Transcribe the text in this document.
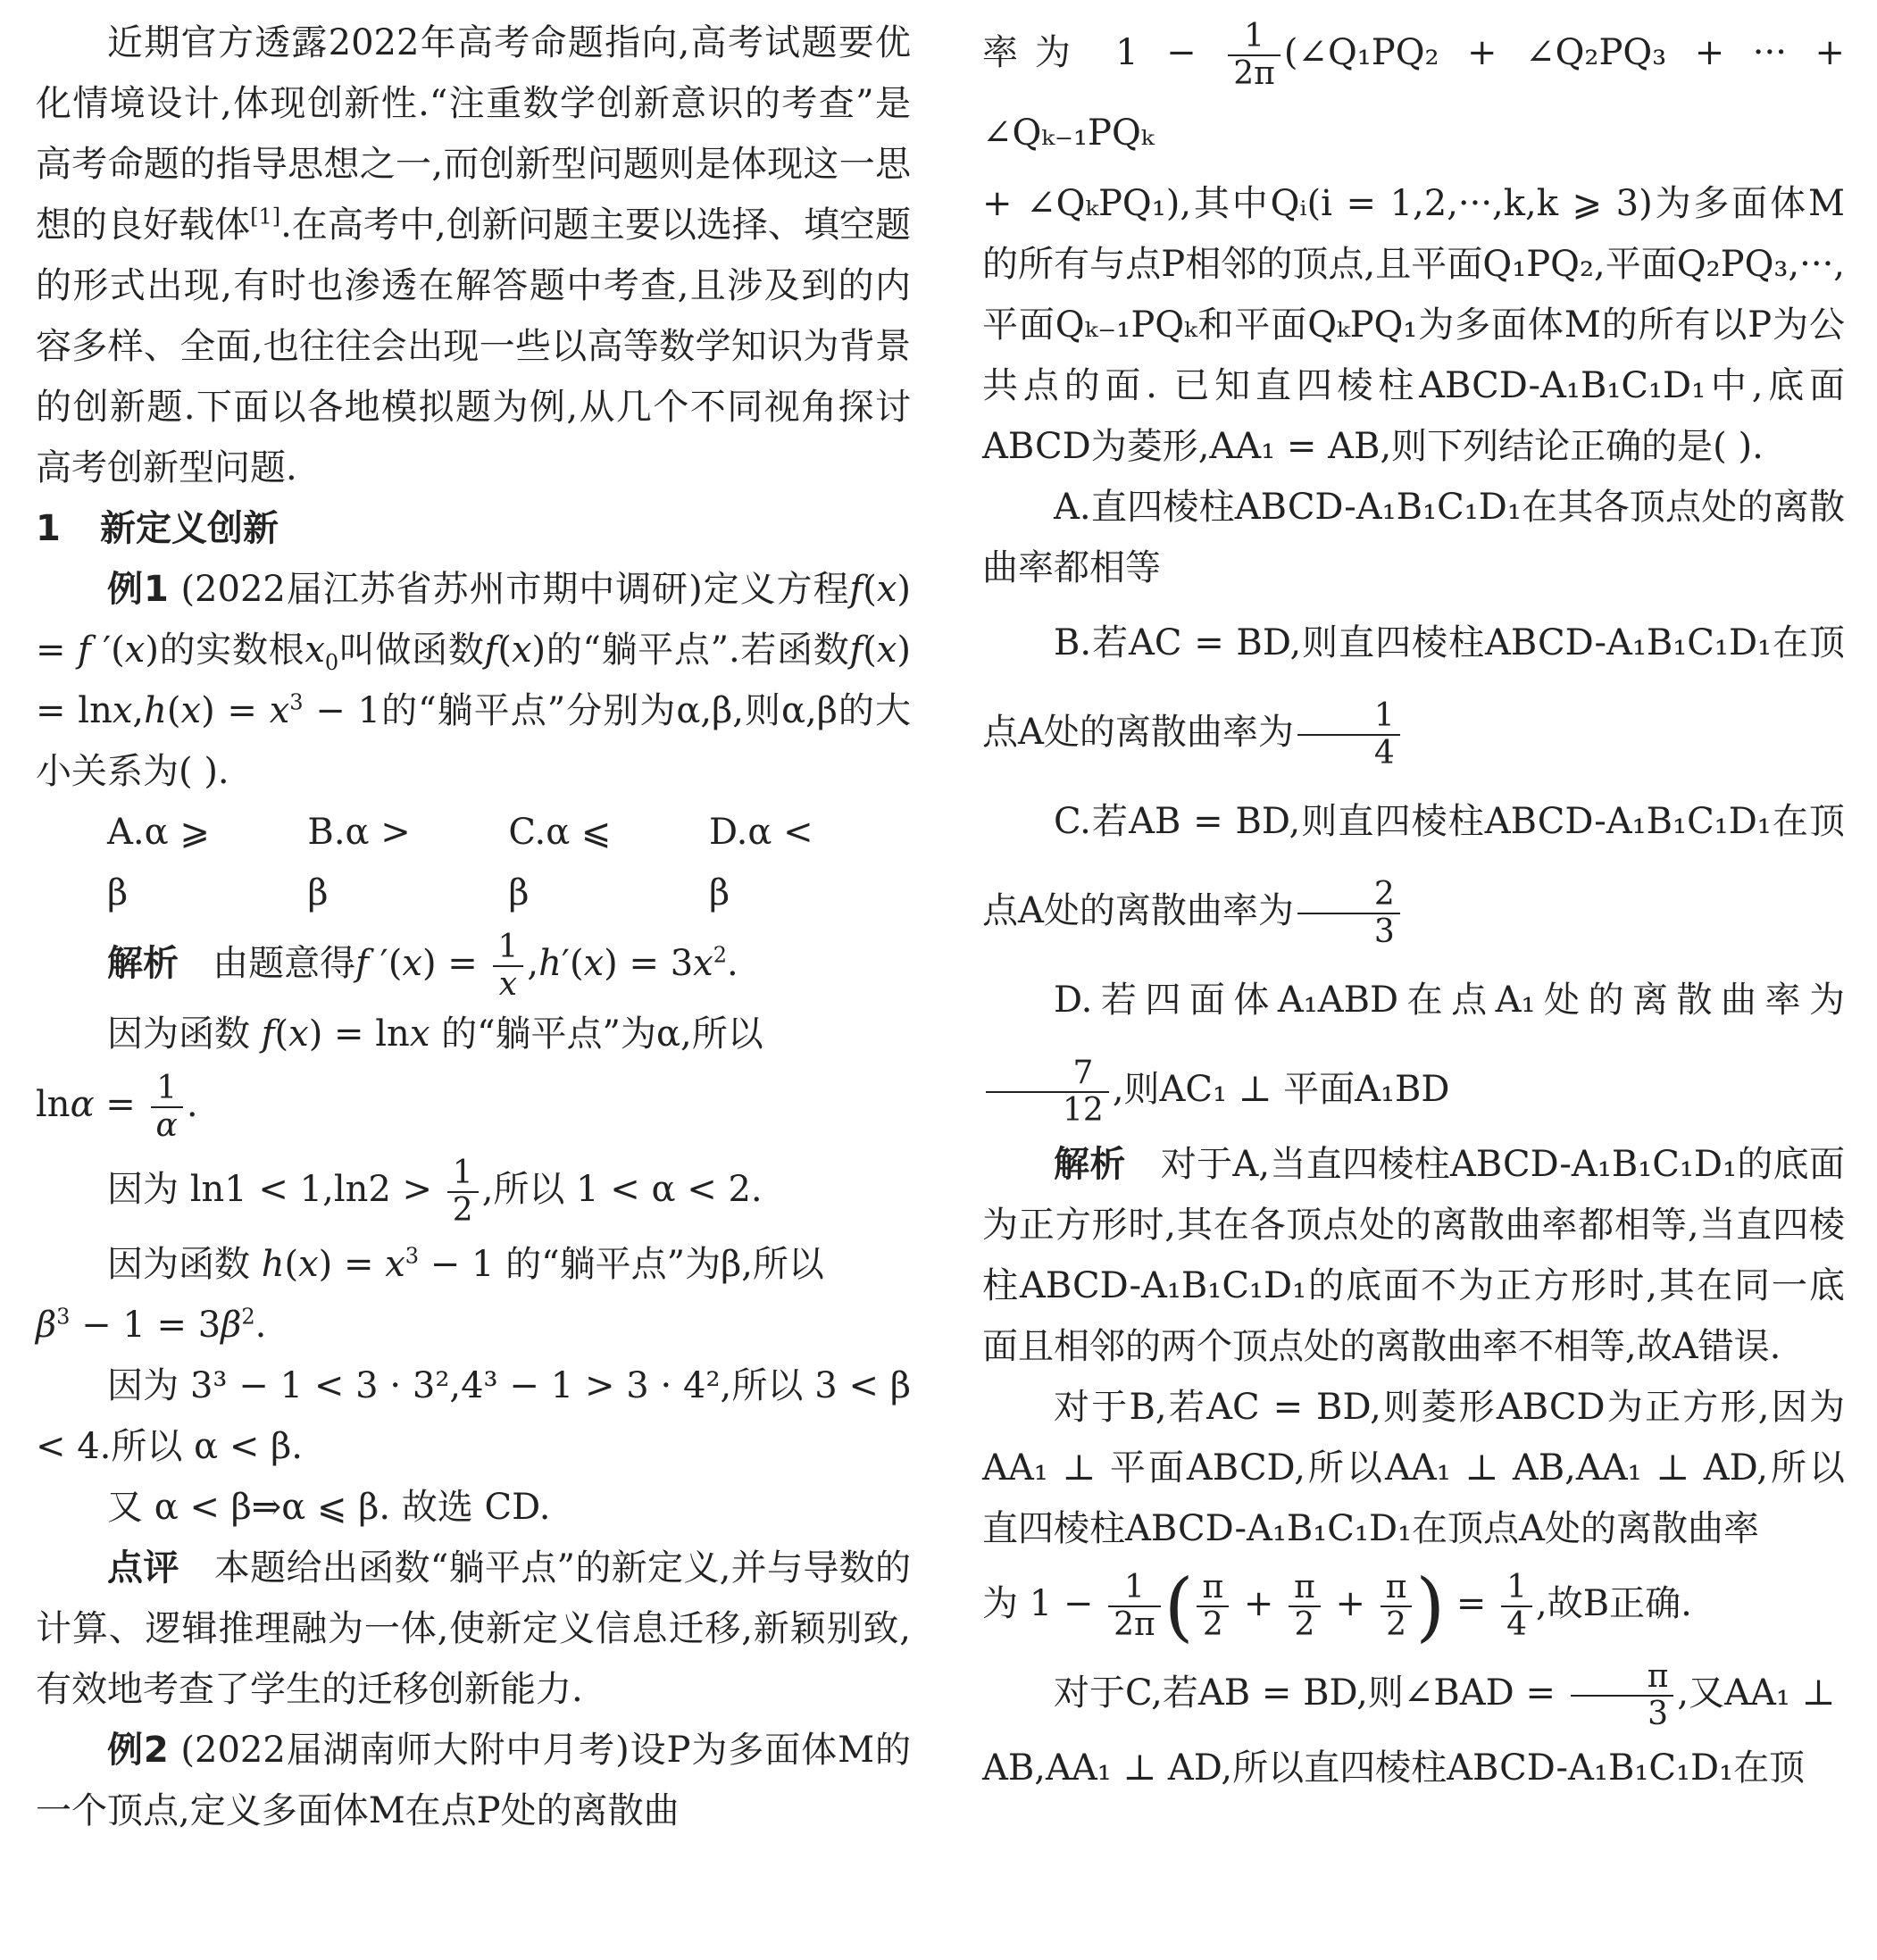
近期官方透露2022年高考命题指向,高考试题要优化情境设计,体现创新性.“注重数学创新意识的考查”是高考命题的指导思想之一,而创新型问题则是体现这一思想的良好载体[1].在高考中,创新问题主要以选择、填空题的形式出现,有时也渗透在解答题中考查,且涉及到的内容多样、全面,也往往会出现一些以高等数学知识为背景的创新题.下面以各地模拟题为例,从几个不同视角探讨高考创新型问题.

1 新定义创新

例1 (2022届江苏省苏州市期中调研)定义方程f(x) = f ′(x)的实数根$x_0$叫做函数f(x)的“躺平点”.若函数$f(x) = \ln x,h(x) = x^3 - 1$的“躺平点”分别为α,β,则α,β的大小关系为( ).

A.α ⩾ β
B.α > β
C.α ⩽ β
D.α < β

解析 由题意得f $'(x) = \frac{1}{x} ,h'(x) = 3x^2$.

因为函数 f(x) = lnx 的“躺平点”为α,所以

$\ln\alpha = \frac{1}{\alpha}$ .

因为 $\ln 1 < 1,\ln 2 > \frac{1}{2}$ ,所以 1 < α < 2.

因为函数 $h(x) = x^3 - 1$ 的“躺平点”为β,所以

$\beta^3 - 1 = 3\beta^2$.

因为 3³ − 1 < 3 · 3²,4³ − 1 > 3 · 4²,所以 3 < β < 4.所以 α < β.

又 α < β⇒α ⩽ β. 故选 CD.

点评 本题给出函数“躺平点”的新定义,并与导数的计算、逻辑推理融为一体,使新定义信息迁移,新颖别致,有效地考查了学生的迁移创新能力.

例2 (2022届湖南师大附中月考)设P为多面体M的一个顶点,定义多面体M在点P处的离散曲

率为 $1 - \frac{1}{2\pi}$ (∠Q₁PQ₂ + ∠Q₂PQ₃ + ··· + ∠Qₖ₋₁PQₖ

+ ∠QₖPQ₁),其中Qᵢ(i = 1,2,···,k,k ⩾ 3)为多面体M的所有与点P相邻的顶点,且平面Q₁PQ₂,平面Q₂PQ₃,···,平面Qₖ₋₁PQₖ和平面QₖPQ₁为多面体M的所有以P为公共点的面. 已知直四棱柱ABCD-A₁B₁C₁D₁中,底面ABCD为菱形,AA₁ = AB,则下列结论正确的是( ).

A.直四棱柱ABCD-A₁B₁C₁D₁在其各顶点处的离散曲率都相等

B.若AC = BD,则直四棱柱ABCD-A₁B₁C₁D₁在顶点A处的离散曲率为 $\frac{1}{4}$

C.若AB = BD,则直四棱柱ABCD-A₁B₁C₁D₁在顶点A处的离散曲率为 $\frac{2}{3}$

D.若四面体A₁ABD在点A₁处的离散曲率为
$\frac{7}{12}$ ,则AC₁ ⊥ 平面A₁BD

解析 对于A,当直四棱柱ABCD-A₁B₁C₁D₁的底面为正方形时,其在各顶点处的离散曲率都相等,当直四棱柱ABCD-A₁B₁C₁D₁的底面不为正方形时,其在同一底面且相邻的两个顶点处的离散曲率不相等,故A错误.

对于B,若AC = BD,则菱形ABCD为正方形,因为AA₁ ⊥ 平面ABCD,所以AA₁ ⊥ AB,AA₁ ⊥ AD,所以直四棱柱ABCD-A₁B₁C₁D₁在顶点A处的离散曲率

为 $1 - \frac{1}{2\pi}$ ( $\frac{\pi}{2} + \frac{\pi}{2} + \frac{\pi}{2}$ ) = $\frac{1}{4}$ ,故B正确.

对于C,若AB = BD,则∠BAD = $\frac{\pi}{3}$ ,又AA₁ ⊥

AB,AA₁ ⊥ AD,所以直四棱柱ABCD-A₁B₁C₁D₁在顶
